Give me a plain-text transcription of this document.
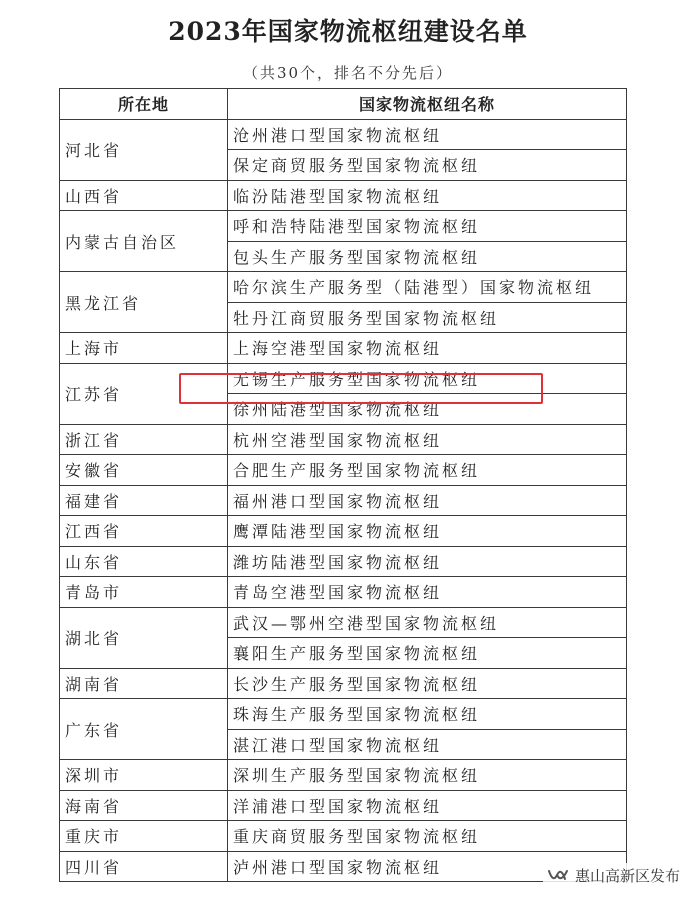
2023年国家物流枢纽建设名单
（共30个，排名不分先后）
所在地	国家物流枢纽名称
河北省	沧州港口型国家物流枢纽
	保定商贸服务型国家物流枢纽
山西省	临汾陆港型国家物流枢纽
内蒙古自治区	呼和浩特陆港型国家物流枢纽
	包头生产服务型国家物流枢纽
黑龙江省	哈尔滨生产服务型（陆港型）国家物流枢纽
	牡丹江商贸服务型国家物流枢纽
上海市	上海空港型国家物流枢纽
江苏省	无锡生产服务型国家物流枢纽
	徐州陆港型国家物流枢纽
浙江省	杭州空港型国家物流枢纽
安徽省	合肥生产服务型国家物流枢纽
福建省	福州港口型国家物流枢纽
江西省	鹰潭陆港型国家物流枢纽
山东省	潍坊陆港型国家物流枢纽
青岛市	青岛空港型国家物流枢纽
湖北省	武汉—鄂州空港型国家物流枢纽
	襄阳生产服务型国家物流枢纽
湖南省	长沙生产服务型国家物流枢纽
广东省	珠海生产服务型国家物流枢纽
	湛江港口型国家物流枢纽
深圳市	深圳生产服务型国家物流枢纽
海南省	洋浦港口型国家物流枢纽
重庆市	重庆商贸服务型国家物流枢纽
四川省	泸州港口型国家物流枢纽	惠山高新区发布
